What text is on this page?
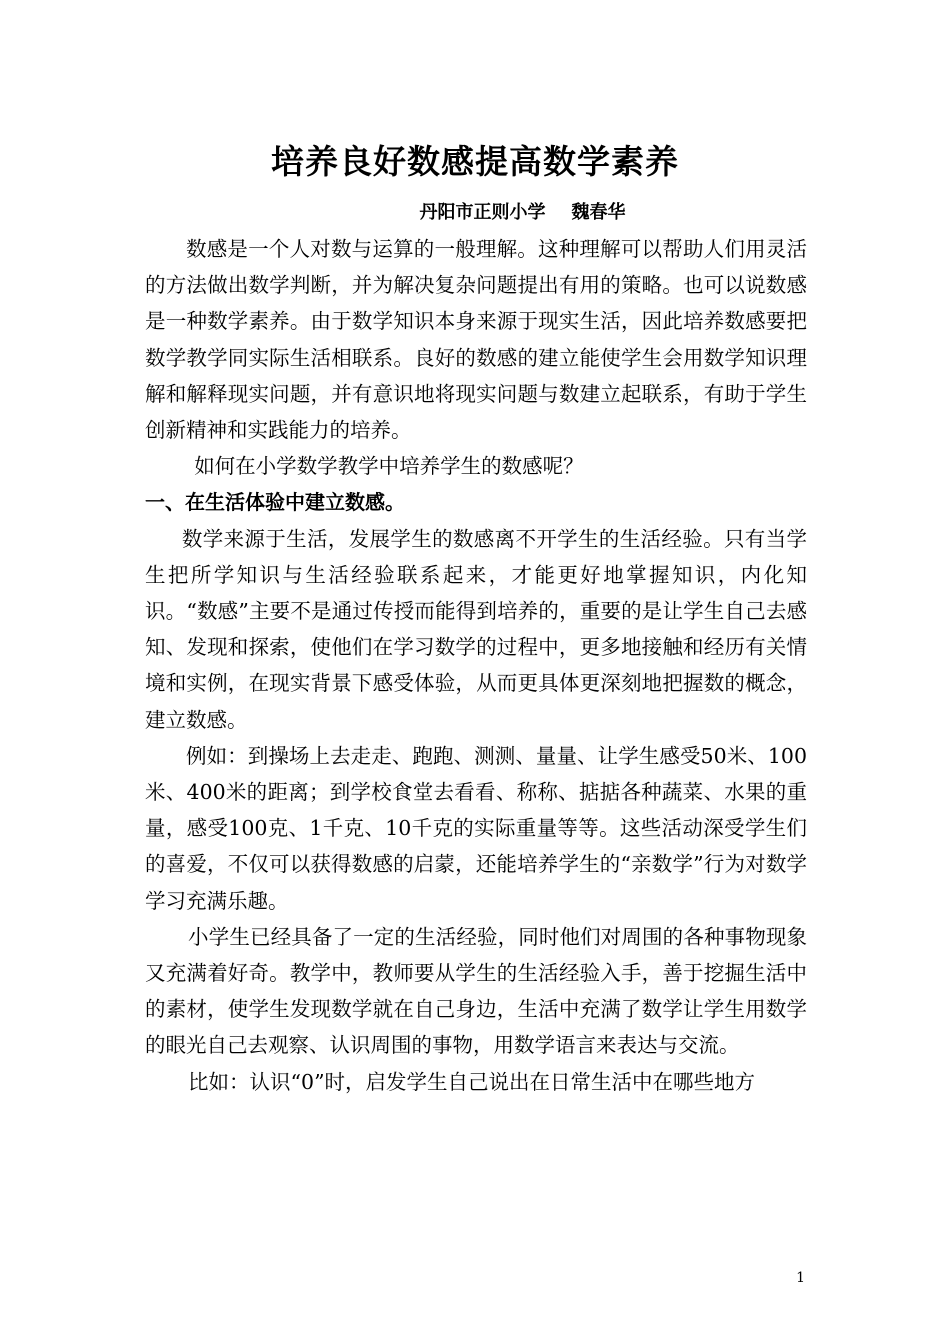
培养良好数感提高数学素养
丹阳市正则小学 魏春华

数感是一个人对数与运算的一般理解。这种理解可以帮助人们用灵活的方法做出数学判断，并为解决复杂问题提出有用的策略。也可以说数感是一种数学素养。由于数学知识本身来源于现实生活，因此培养数感要把数学教学同实际生活相联系。良好的数感的建立能使学生会用数学知识理解和解释现实问题，并有意识地将现实问题与数建立起联系，有助于学生创新精神和实践能力的培养。

如何在小学数学教学中培养学生的数感呢？

一、在生活体验中建立数感。

数学来源于生活，发展学生的数感离不开学生的生活经验。只有当学生把所学知识与生活经验联系起来，才能更好地掌握知识，内化知识。“数感”主要不是通过传授而能得到培养的，重要的是让学生自己去感知、发现和探索，使他们在学习数学的过程中，更多地接触和经历有关情境和实例，在现实背景下感受体验，从而更具体更深刻地把握数的概念，建立数感。

例如：到操场上去走走、跑跑、测测、量量、让学生感受50米、100米、400米的距离；到学校食堂去看看、称称、掂掂各种蔬菜、水果的重量，感受100克、1千克、10千克的实际重量等等。这些活动深受学生们的喜爱，不仅可以获得数感的启蒙，还能培养学生的“亲数学”行为对数学学习充满乐趣。

小学生已经具备了一定的生活经验，同时他们对周围的各种事物现象又充满着好奇。教学中，教师要从学生的生活经验入手，善于挖掘生活中的素材，使学生发现数学就在自己身边，生活中充满了数学让学生用数学的眼光自己去观察、认识周围的事物，用数学语言来表达与交流。

比如：认识“0”时，启发学生自己说出在日常生活中在哪些地方

1
